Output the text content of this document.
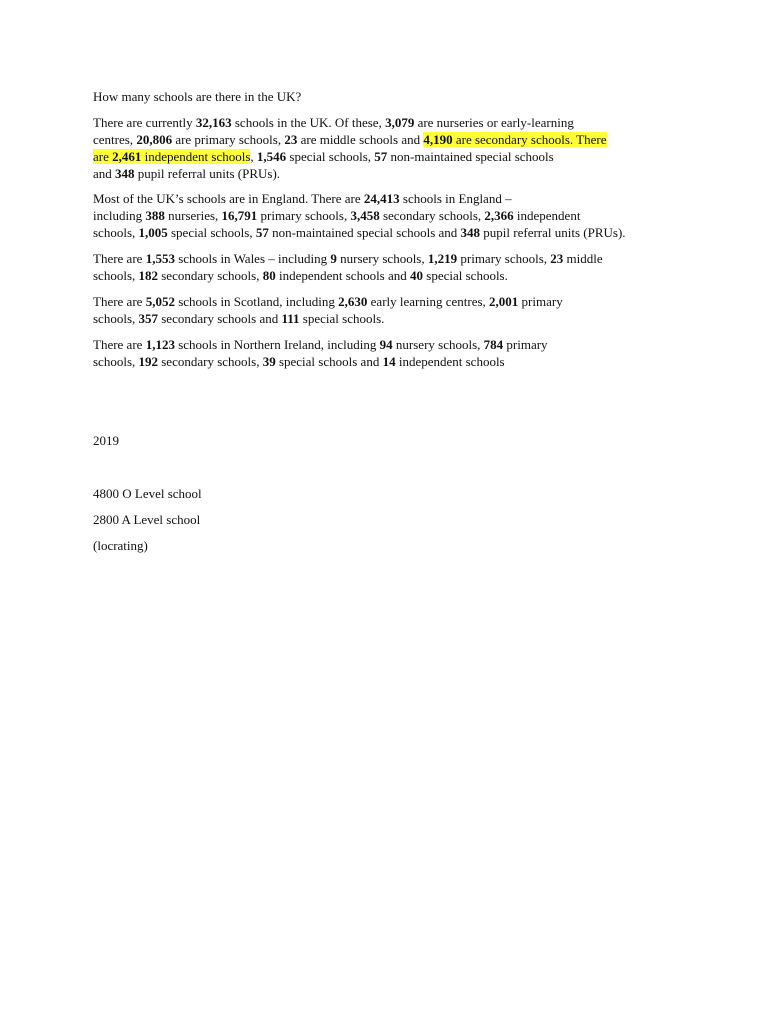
How many schools are there in the UK?
There are currently 32,163 schools in the UK. Of these, 3,079 are nurseries or early-learning
centres, 20,806 are primary schools, 23 are middle schools and 4,190 are secondary schools. There
are 2,461 independent schools, 1,546 special schools, 57 non-maintained special schools
and 348 pupil referral units (PRUs).
Most of the UK’s schools are in England. There are 24,413 schools in England –
including 388 nurseries, 16,791 primary schools, 3,458 secondary schools, 2,366 independent
schools, 1,005 special schools, 57 non-maintained special schools and 348 pupil referral units (PRUs).
There are 1,553 schools in Wales – including 9 nursery schools, 1,219 primary schools, 23 middle
schools, 182 secondary schools, 80 independent schools and 40 special schools.
There are 5,052 schools in Scotland, including 2,630 early learning centres, 2,001 primary
schools, 357 secondary schools and 111 special schools.
There are 1,123 schools in Northern Ireland, including 94 nursery schools, 784 primary
schools, 192 secondary schools, 39 special schools and 14 independent schools
2019
4800 O Level school
2800 A Level school
(locrating)
